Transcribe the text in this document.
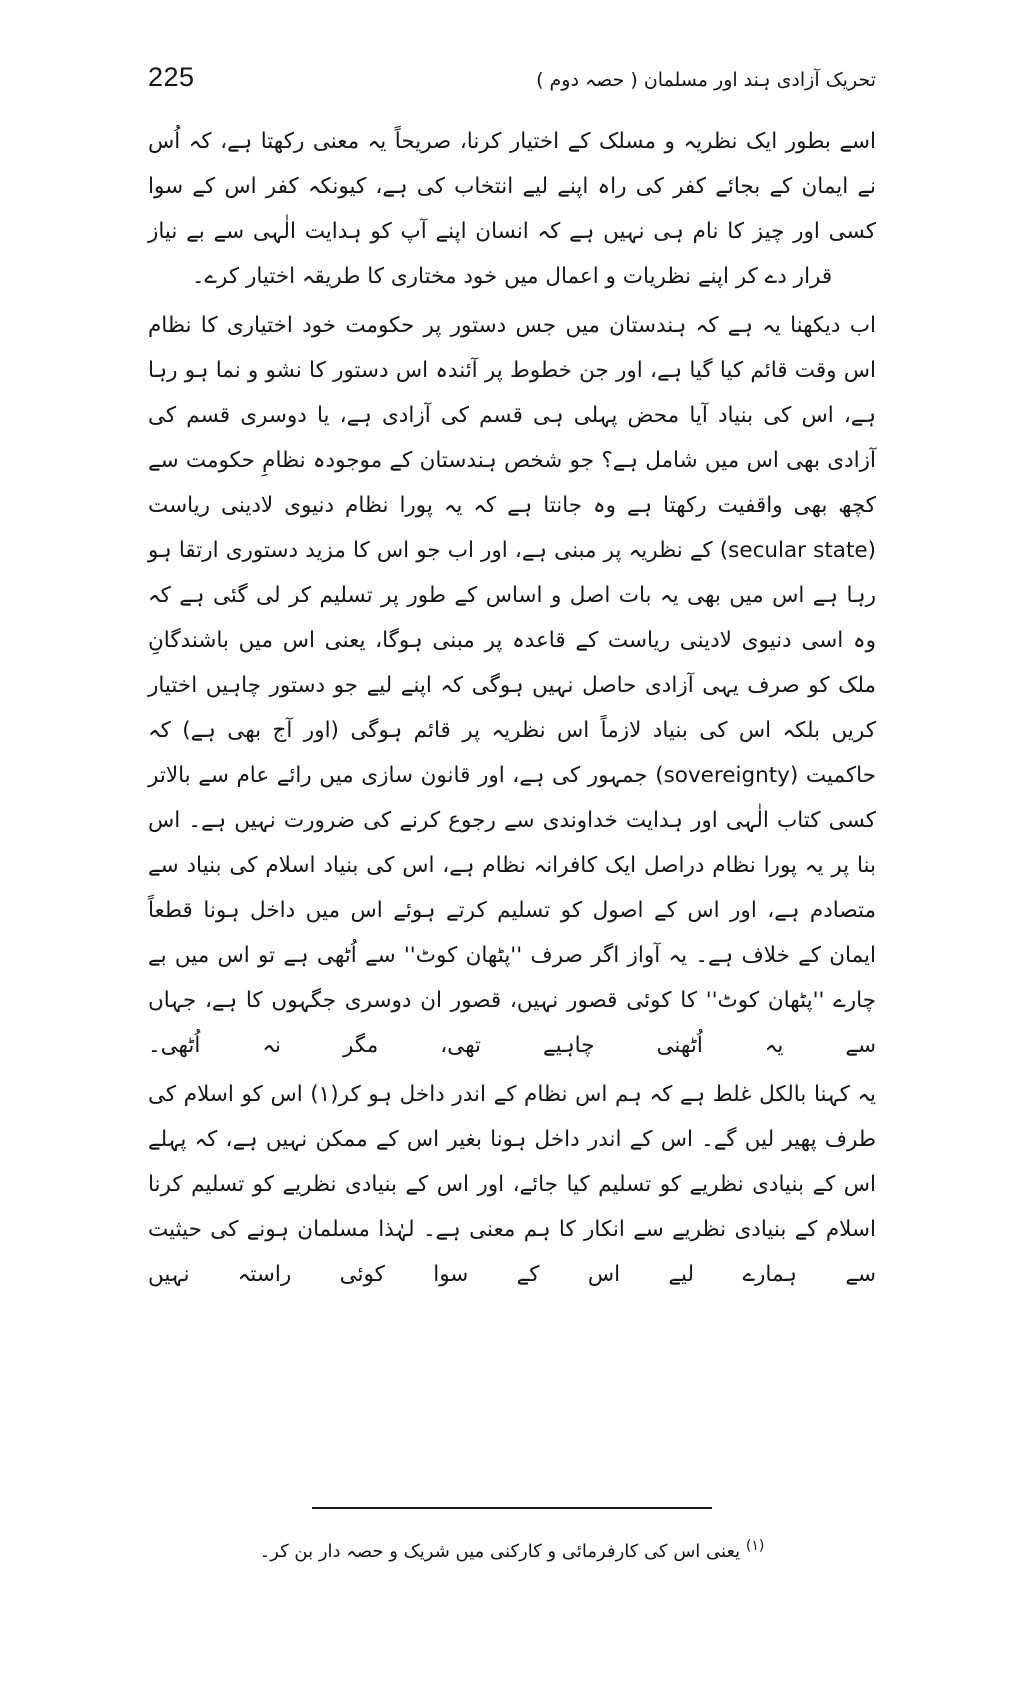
225	تحریک آزادی ہند اور مسلمان ( حصہ دوم )

اسے بطور ایک نظریہ و مسلک کے اختیار کرنا، صریحاً یہ معنی رکھتا ہے، کہ اُس نے ایمان کے بجائے کفر کی راہ اپنے لیے انتخاب کی ہے، کیونکہ کفر اس کے سوا کسی اور چیز کا نام ہی نہیں ہے کہ انسان اپنے آپ کو ہدایت الٰہی سے بے نیاز قرار دے کر اپنے نظریات و اعمال میں خود مختاری کا طریقہ اختیار کرے۔

اب دیکھنا یہ ہے کہ ہندستان میں جس دستور پر حکومت خود اختیاری کا نظام اس وقت قائم کیا گیا ہے، اور جن خطوط پر آئندہ اس دستور کا نشو و نما ہو رہا ہے، اس کی بنیاد آیا محض پہلی ہی قسم کی آزادی ہے، یا دوسری قسم کی آزادی بھی اس میں شامل ہے؟ جو شخص ہندستان کے موجودہ نظامِ حکومت سے کچھ بھی واقفیت رکھتا ہے وہ جانتا ہے کہ یہ پورا نظام دنیوی لادینی ریاست (secular state) کے نظریہ پر مبنی ہے، اور اب جو اس کا مزید دستوری ارتقا ہو رہا ہے اس میں بھی یہ بات اصل و اساس کے طور پر تسلیم کر لی گئی ہے کہ وہ اسی دنیوی لادینی ریاست کے قاعدہ پر مبنی ہوگا، یعنی اس میں باشندگانِ ملک کو صرف یہی آزادی حاصل نہیں ہوگی کہ اپنے لیے جو دستور چاہیں اختیار کریں بلکہ اس کی بنیاد لازماً اس نظریہ پر قائم ہوگی (اور آج بھی ہے) کہ حاکمیت (sovereignty) جمہور کی ہے، اور قانون سازی میں رائے عام سے بالاتر کسی کتاب الٰہی اور ہدایت خداوندی سے رجوع کرنے کی ضرورت نہیں ہے۔ اس بنا پر یہ پورا نظام دراصل ایک کافرانہ نظام ہے، اس کی بنیاد اسلام کی بنیاد سے متصادم ہے، اور اس کے اصول کو تسلیم کرتے ہوئے اس میں داخل ہونا قطعاً ایمان کے خلاف ہے۔ یہ آواز اگر صرف ''پٹھان کوٹ'' سے اُٹھی ہے تو اس میں بے چارے ''پٹھان کوٹ'' کا کوئی قصور نہیں، قصور ان دوسری جگہوں کا ہے، جہاں سے یہ اُٹھنی چاہیے تھی، مگر نہ اُٹھی۔

یہ کہنا بالکل غلط ہے کہ ہم اس نظام کے اندر داخل ہو کر(۱) اس کو اسلام کی طرف پھیر لیں گے۔ اس کے اندر داخل ہونا بغیر اس کے ممکن نہیں ہے، کہ پہلے اس کے بنیادی نظریے کو تسلیم کیا جائے، اور اس کے بنیادی نظریے کو تسلیم کرنا اسلام کے بنیادی نظریے سے انکار کا ہم معنی ہے۔ لہٰذا مسلمان ہونے کی حیثیت سے ہمارے لیے اس کے سوا کوئی راستہ نہیں

$^{(۱)}$ یعنی اس کی کارفرمائی و کارکنی میں شریک و حصہ دار بن کر۔
